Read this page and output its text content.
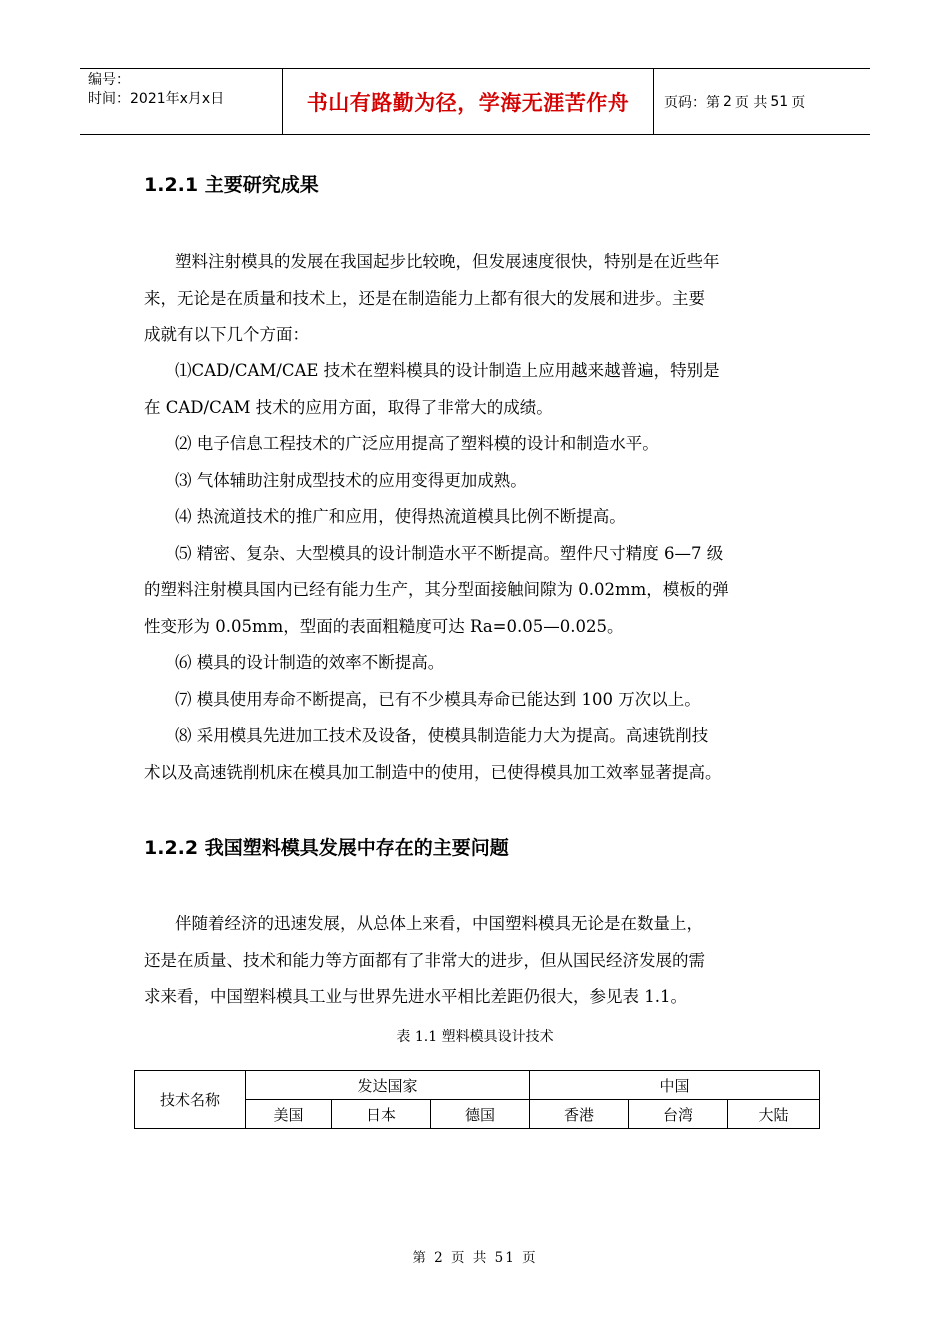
编号：
时间：2021年x月x日	书山有路勤为径，学海无涯苦作舟 页码：第 2 页 共 51 页
1.2.1 主要研究成果
塑料注射模具的发展在我国起步比较晚，但发展速度很快，特别是在近些年
来，无论是在质量和技术上，还是在制造能力上都有很大的发展和进步。主要
成就有以下几个方面：
⑴CAD/CAM/CAE 技术在塑料模具的设计制造上应用越来越普遍，特别是
在 CAD/CAM 技术的应用方面，取得了非常大的成绩。
⑵ 电子信息工程技术的广泛应用提高了塑料模的设计和制造水平。
⑶ 气体辅助注射成型技术的应用变得更加成熟。
⑷ 热流道技术的推广和应用，使得热流道模具比例不断提高。
⑸ 精密、复杂、大型模具的设计制造水平不断提高。塑件尺寸精度 6—7 级
的塑料注射模具国内已经有能力生产，其分型面接触间隙为 0.02mm，模板的弹
性变形为 0.05mm，型面的表面粗糙度可达 Ra=0.05—0.025。
⑹ 模具的设计制造的效率不断提高。
⑺ 模具使用寿命不断提高，已有不少模具寿命已能达到 100 万次以上。
⑻ 采用模具先进加工技术及设备，使模具制造能力大为提高。高速铣削技
术以及高速铣削机床在模具加工制造中的使用，已使得模具加工效率显著提高。
1.2.2 我国塑料模具发展中存在的主要问题
伴随着经济的迅速发展，从总体上来看，中国塑料模具无论是在数量上，
还是在质量、技术和能力等方面都有了非常大的进步，但从国民经济发展的需
求来看，中国塑料模具工业与世界先进水平相比差距仍很大，参见表 1.1。
表 1.1 塑料模具设计技术
技术名称	发达国家			中国		
	美国	日本	德国	香港	台湾	大陆
第 2 页 共 51 页
